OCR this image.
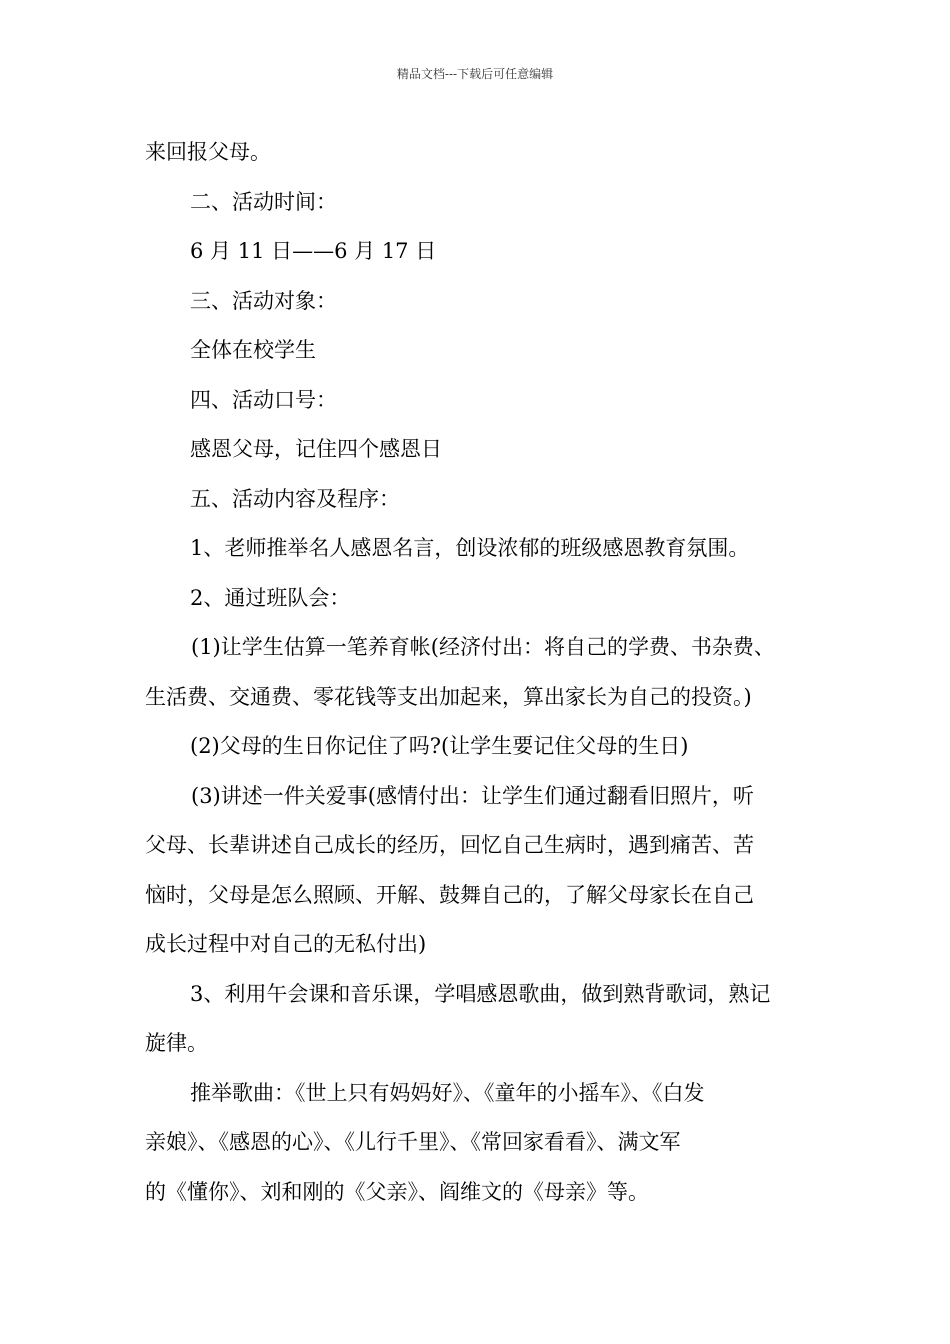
精品文档---下载后可任意编辑
来回报父母。
二、活动时间：
6 月 11 日——6 月 17 日
三、活动对象：
全体在校学生
四、活动口号：
感恩父母，记住四个感恩日
五、活动内容及程序：
1、老师推举名人感恩名言，创设浓郁的班级感恩教育氛围。
2、通过班队会：
(1)让学生估算一笔养育帐(经济付出：将自己的学费、书杂费、
生活费、交通费、零花钱等支出加起来，算出家长为自己的投资。)
(2)父母的生日你记住了吗?(让学生要记住父母的生日)
(3)讲述一件关爱事(感情付出：让学生们通过翻看旧照片，听
父母、长辈讲述自己成长的经历，回忆自己生病时，遇到痛苦、苦
恼时，父母是怎么照顾、开解、鼓舞自己的，了解父母家长在自己
成长过程中对自己的无私付出)
3、利用午会课和音乐课，学唱感恩歌曲，做到熟背歌词，熟记
旋律。
推举歌曲：《世上只有妈妈好》、《童年的小摇车》、《白发
亲娘》、《感恩的心》、《儿行千里》、《常回家看看》、满文军
的《懂你》、刘和刚的《父亲》、阎维文的《母亲》等。
